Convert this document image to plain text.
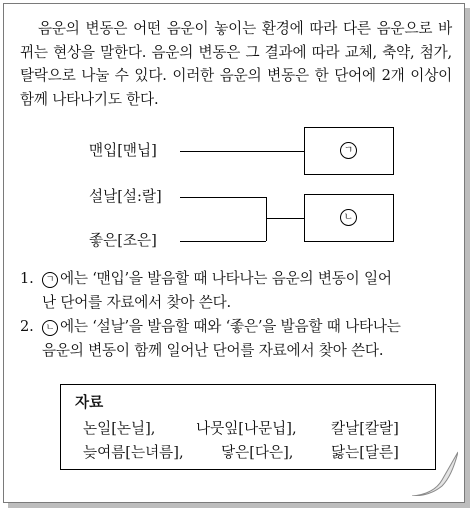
음운의 변동은 어떤 음운이 놓이는 환경에 따라 다른 음운으로 바뀌는 현상을 말한다. 음운의 변동은 그 결과에 따라 교체, 축약, 첨가, 탈락으로 나눌 수 있다. 이러한 음운의 변동은 한 단어에 2개 이상이 함께 나타나기도 한다.

맨입[맨닙]	ㄱ
설날[설:랄]
좋은[조은]
ㄴ

1. ㄱ 에는 ‘맨입’을 발음할 때 나타나는 음운의 변동이 일어
난 단어를 자료에서 찾아 쓴다.

2. ㄴ 에는 ‘설날’을 발음할 때와 ‘좋은’을 발음할 때 나타나는
음운의 변동이 함께 일어난 단어를 자료에서 찾아 쓴다.

자료
논일[논닐],	나뭇잎[나문닙], 칼날[칼랄]
늦여름[는녀름],	닿은[다은],	닳는[달른]
